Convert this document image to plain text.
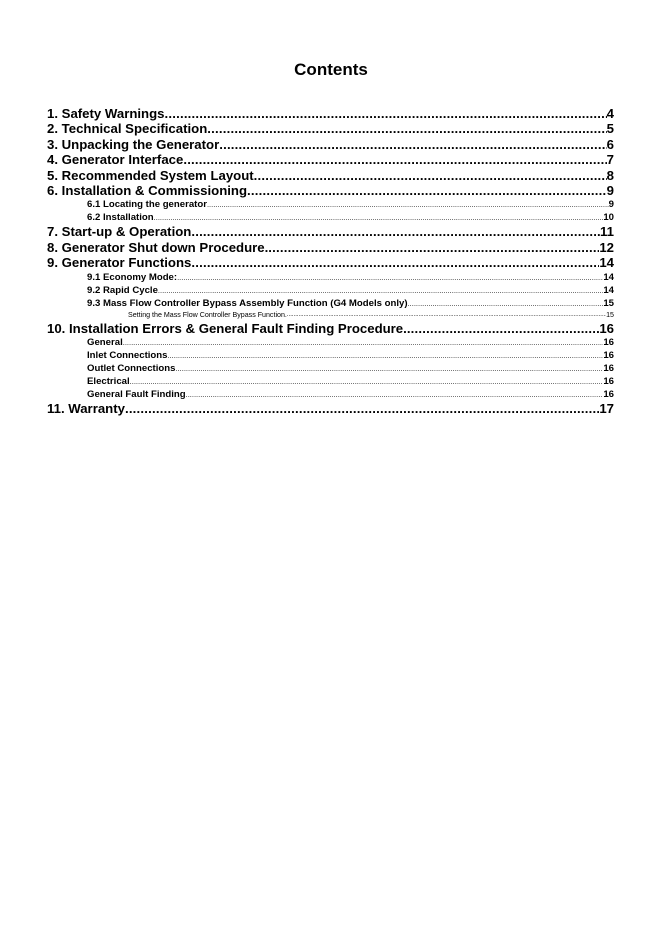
Contents
1. Safety Warnings .....	4
2. Technical Specification .....	5
3. Unpacking the Generator .....	6
4. Generator Interface .....	7
5. Recommended System Layout .....	8
6. Installation & Commissioning .....	9
6.1 Locating the generator .....	9
6.2 Installation .....	10
7. Start-up & Operation .....	11
8. Generator Shut down Procedure. .....	12
9. Generator Functions .....	14
9.1 Economy Mode: .....	14
9.2 Rapid Cycle .....	14
9.3 Mass Flow Controller Bypass Assembly Function (G4 Models only) .....	15
Setting the Mass Flow Controller Bypass Function. .....	15
10. Installation Errors & General Fault Finding Procedure. .....	16
General .....	16
Inlet Connections .....	16
Outlet Connections .....	16
Electrical .....	16
General Fault Finding .....	16
11. Warranty .....	17
